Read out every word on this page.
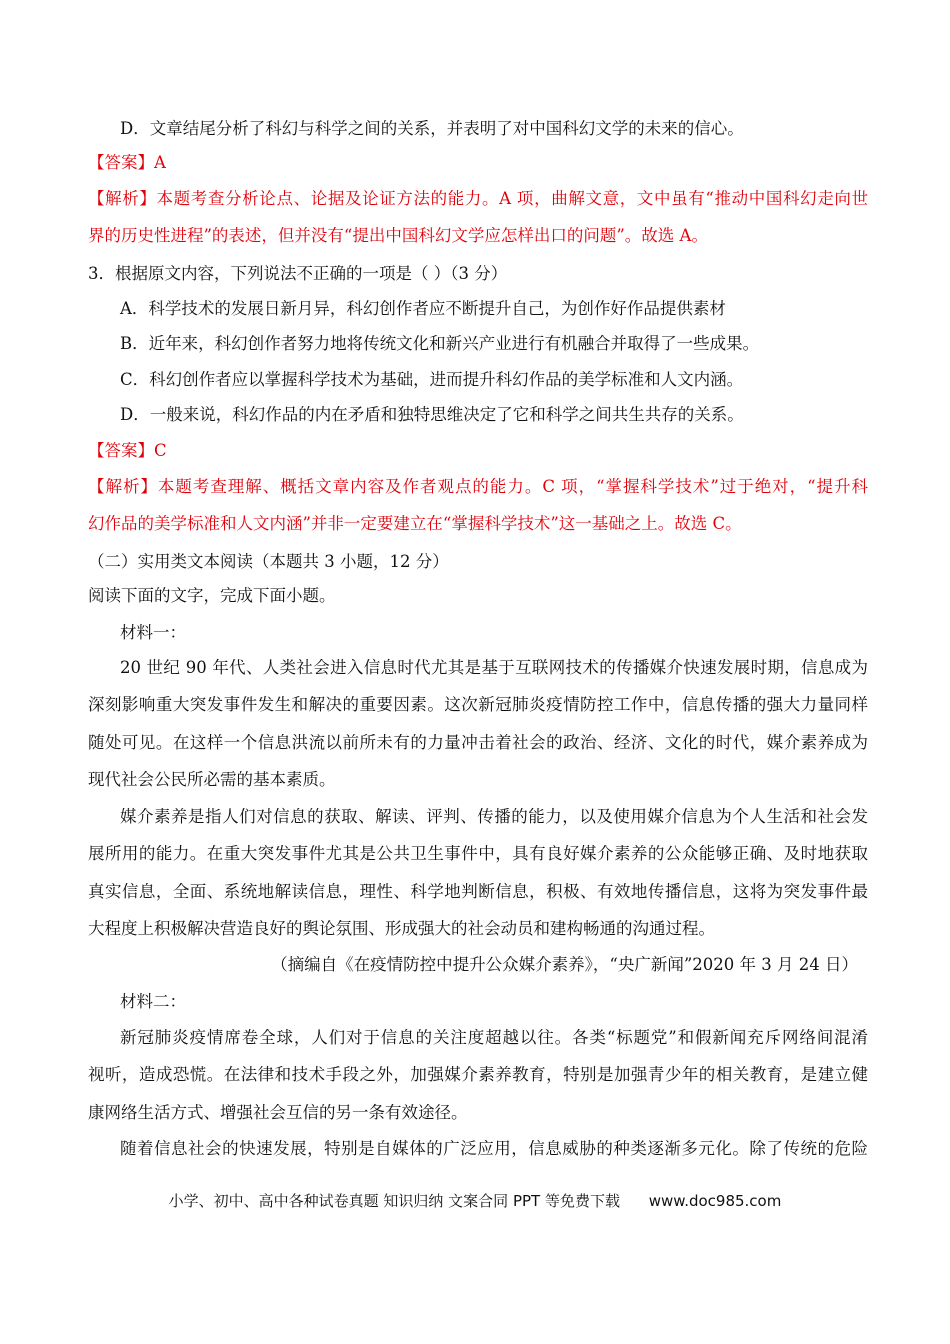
D．文章结尾分析了科幻与科学之间的关系，并表明了对中国科幻文学的未来的信心。
【答案】A
【解析】本题考查分析论点、论据及论证方法的能力。A 项，曲解文意，文中虽有“推动中国科幻走向世
界的历史性进程”的表述，但并没有“提出中国科幻文学应怎样出口的问题”。故选 A。
3．根据原文内容，下列说法不正确的一项是（ ）（3 分）
A．科学技术的发展日新月异，科幻创作者应不断提升自己，为创作好作品提供素材
B．近年来，科幻创作者努力地将传统文化和新兴产业进行有机融合并取得了一些成果。
C．科幻创作者应以掌握科学技术为基础，进而提升科幻作品的美学标准和人文内涵。
D．一般来说，科幻作品的内在矛盾和独特思维决定了它和科学之间共生共存的关系。
【答案】C
【解析】本题考查理解、概括文章内容及作者观点的能力。C 项，“掌握科学技术”过于绝对，“提升科
幻作品的美学标准和人文内涵”并非一定要建立在“掌握科学技术”这一基础之上。故选 C。
（二）实用类文本阅读（本题共 3 小题，12 分）
阅读下面的文字，完成下面小题。
材料一：
20 世纪 90 年代、人类社会进入信息时代尤其是基于互联网技术的传播媒介快速发展时期，信息成为
深刻影响重大突发事件发生和解决的重要因素。这次新冠肺炎疫情防控工作中，信息传播的强大力量同样
随处可见。在这样一个信息洪流以前所未有的力量冲击着社会的政治、经济、文化的时代，媒介素养成为
现代社会公民所必需的基本素质。
媒介素养是指人们对信息的获取、解读、评判、传播的能力，以及使用媒介信息为个人生活和社会发
展所用的能力。在重大突发事件尤其是公共卫生事件中，具有良好媒介素养的公众能够正确、及时地获取
真实信息，全面、系统地解读信息，理性、科学地判断信息，积极、有效地传播信息，这将为突发事件最
大程度上积极解决营造良好的舆论氛围、形成强大的社会动员和建构畅通的沟通过程。
（摘编自《在疫情防控中提升公众媒介素养》，“央广新闻”2020 年 3 月 24 日）
材料二：
新冠肺炎疫情席卷全球，人们对于信息的关注度超越以往。各类“标题党”和假新闻充斥网络间混淆
视听，造成恐慌。在法律和技术手段之外，加强媒介素养教育，特别是加强青少年的相关教育，是建立健
康网络生活方式、增强社会互信的另一条有效途径。
随着信息社会的快速发展，特别是自媒体的广泛应用，信息威胁的种类逐渐多元化。除了传统的危险
小学、初中、高中各种试卷真题 知识归纳 文案合同 PPT 等免费下载 www.doc985.com
